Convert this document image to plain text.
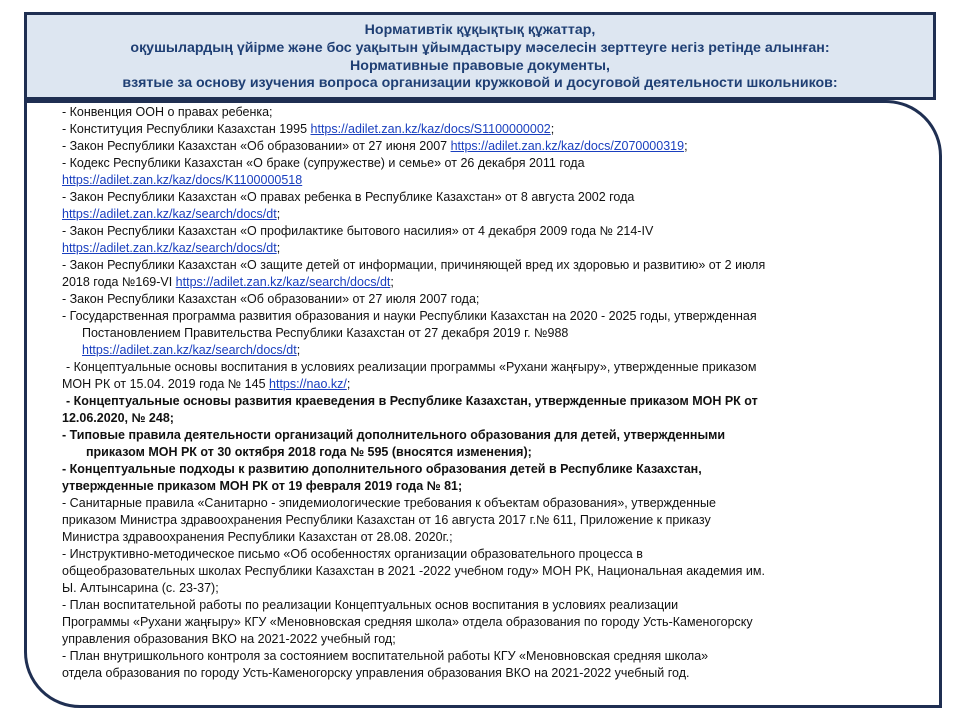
Нормативтік құқықтық құжаттар,
оқушылардың үйірме және бос уақытын ұйымдастыру мәселесін зерттеуге негіз ретінде алынған:
Нормативные правовые документы,
взятые за основу изучения вопроса организации кружковой и досуговой деятельности школьников:
- Конвенция ООН о правах ребенка;
- Конституция Республики Казахстан 1995 https://adilet.zan.kz/kaz/docs/S1100000002;
- Закон Республики Казахстан «Об образовании» от 27 июня 2007 https://adilet.zan.kz/kaz/docs/Z070000319;
- Кодекс Республики Казахстан «О браке (супружестве) и семье» от 26 декабря 2011 года
https://adilet.zan.kz/kaz/docs/K1100000518
- Закон Республики Казахстан «О правах ребенка в Республике Казахстан» от 8 августа 2002 года
https://adilet.zan.kz/kaz/search/docs/dt;
- Закон Республики Казахстан «О профилактике бытового насилия» от 4 декабря 2009 года № 214-IV
https://adilet.zan.kz/kaz/search/docs/dt;
- Закон Республики Казахстан «О защите детей от информации, причиняющей вред их здоровью и развитию» от 2 июля
2018 года №169-VI https://adilet.zan.kz/kaz/search/docs/dt;
- Закон Республики Казахстан «Об образовании» от 27 июля 2007 года;
- Государственная программа развития образования и науки Республики Казахстан на 2020 - 2025 годы, утвержденная
Постановлением Правительства Республики Казахстан от 27 декабря 2019 г. №988
https://adilet.zan.kz/kaz/search/docs/dt;
- Концептуальные основы воспитания в условиях реализации программы «Рухани жаңғыру», утвержденные приказом
МОН РК от 15.04. 2019 года № 145 https://nao.kz/;
- Концептуальные основы развития краеведения в Республике Казахстан, утвержденные приказом МОН РК от
12.06.2020, № 248;
- Типовые правила деятельности организаций дополнительного образования для детей, утвержденными
приказом МОН РК от 30 октября 2018 года № 595 (вносятся изменения);
- Концептуальные подходы к развитию дополнительного образования детей в Республике Казахстан,
утвержденные приказом МОН РК от 19 февраля 2019 года № 81;
- Санитарные правила «Санитарно - эпидемиологические требования к объектам образования», утвержденные
приказом Министра здравоохранения Республики Казахстан от 16 августа 2017 г.№ 611, Приложение к приказу
Министра здравоохранения Республики Казахстан от 28.08. 2020г.;
- Инструктивно-методическое письмо «Об особенностях организации образовательного процесса в
общеобразовательных школах Республики Казахстан в 2021 -2022 учебном году» МОН РК, Национальная академия им.
Ы. Алтынсарина (с. 23-37);
- План воспитательной работы по реализации Концептуальных основ воспитания в условиях реализации
Программы «Рухани жаңғыру» КГУ «Меновновская средняя школа» отдела образования по городу Усть-Каменогорску
управления образования ВКО на 2021-2022 учебный год;
- План внутришкольного контроля за состоянием воспитательной работы КГУ «Меновновская средняя школа»
отдела образования по городу Усть-Каменогорску управления образования ВКО на 2021-2022 учебный год.
